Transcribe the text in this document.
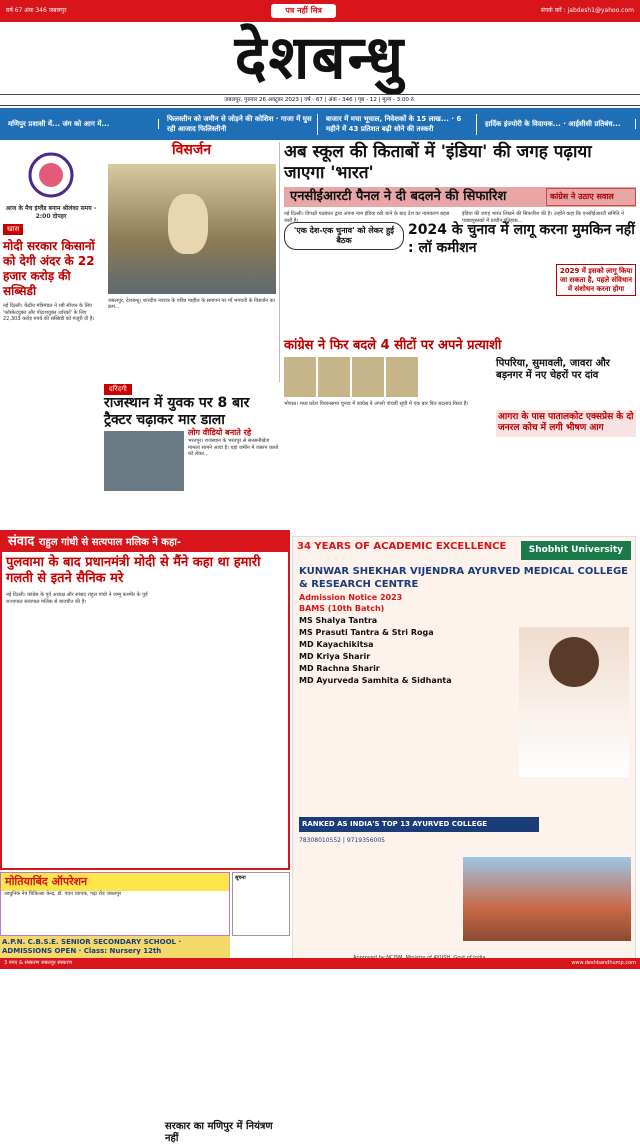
वर्ष 67 अंक 346 जबलपुर	पत्र नहीं मित्र	संपर्क करें : jabdesh1@yahoo.com
देशबन्धु
जबलपुर, गुरुवार 26 अक्टूबर 2023 | वर्ष - 67 | अंक - 346 | पृष्ठ - 12 | मूल्य - 3.00 रु.
मणिपुर प्रशासी में... जंग को आग में...
फिलस्तीन को जमीन से जोड़ने की कोशिश · गाजा में घुस रही आजाद फिलिस्तीनी
बाजार में मचा भूचाल, निवेशकों के 15 लाख... · 6 महीने में 43 प्रतिशत बढ़ी सोने की तस्करी
हार्दिक इंज्योरी के विदायक... · आईसीसी प्रतिबंध...
आज के मैच इंग्लैंड बनाम श्रीलंका समय - 2:00 दोपहर
खास
मोदी सरकार किसानों को देगी अंदर के 22 हजार करोड़ की सब्सिडी

नई दिल्ली। केंद्रीय मंत्रिमंडल ने रबी सीजन के लिए 'फॉस्फेटयुक्त और पोटाशयुक्त उर्वरकों' के लिए 22,303 करोड़ रुपये की सब्सिडी को मंजूरी दी है।

विसर्जन
जबलपुर, देशबन्धु। शारदीय नवरात्र के पवित्र माहौल के समापन पर माँ भगवती के विसर्जन का क्रम...
अब स्कूल की किताबों में 'इंडिया' की जगह पढ़ाया जाएगा 'भारत'
एनसीईआरटी पैनल ने दी बदलने की सिफारिश
नई दिल्ली। विपक्षी गठबंधन द्वारा अपना नाम इंडिया रखे जाने के बाद देश का नामकरण बहस जारी है।
इंडिया की जगह भारत लिखने की सिफारिश की है। उन्होंने कहा कि एनसीईआरटी समिति ने पाठ्यपुस्तकों में प्राचीन इतिहास...
कांग्रेस ने उठाए सवाल
'एक देश-एक चुनाव' को लेकर हुई बैठक
2024 के चुनाव में लागू करना मुमकिन नहीं : लॉ कमीशन
2029 में इसको लागू किया जा सकता है, पहले संविधान में संशोधन करना होगा
दरिंदगी
राजस्थान में युवक पर 8 बार ट्रैक्टर चढ़ाकर मार डाला

लोग वीडियो बनाते रहे

भरतपुर। राजस्थान के भरतपुर से सनसनीखेज मामला सामने आया है। यहां जमीन में जबरन कब्जे को लेकर...

कांग्रेस ने फिर बदले 4 सीटों पर अपने प्रत्याशी
पिपरिया, सुमावली, जावरा और बड़नगर में नए चेहरों पर दांव
आगरा के पास पातालकोट एक्सप्रेस के दो जनरल कोच में लगी भीषण आग

भोपाल। मध्य प्रदेश विधानसभा चुनाव में कांग्रेस ने अपनी पांचवीं सूची में एक बार फिर बदलाव किया है।

संवाद राहुल गांधी से सत्यपाल मलिक ने कहा-
पुलवामा के बाद प्रधानमंत्री मोदी से मैंने कहा था हमारी गलती से इतने सैनिक मरे
नई दिल्ली। कांग्रेस के पूर्व अध्यक्ष और सांसद राहुल गांधी ने जम्मू कश्मीर के पूर्व राज्यपाल सत्यपाल मलिक से बातचीत की है।
सरकार का मणिपुर में नियंत्रण नहीं
34 YEARS OF ACADEMIC EXCELLENCE	Shobhit University
KUNWAR SHEKHAR VIJENDRA AYURVED MEDICAL COLLEGE & RESEARCH CENTRE
Admission Notice 2023
BAMS (10th Batch)
MS Shalya Tantra
MS Prasuti Tantra & Stri Roga
MD Kayachikitsa
MD Kriya Sharir
MD Rachna Sharir
MD Ayurveda Samhita & Sidhanta
RANKED AS INDIA'S TOP 13 AYURVED COLLEGE
78308010552 | 9719356005
मोतियाबिंद ऑपरेशन

आधुनिक नेत्र चिकित्सा केन्द्र, डॉ. पवन व्यापक, गढ़ा रोड जबलपुर

सूचना
A.P.N. C.B.S.E. SENIOR SECONDARY SCHOOL · ADMISSIONS OPEN · Class: Nursery 12th
3 रुपए & संस्करण जबलपुर संस्करण	www.deshbandhump.com
